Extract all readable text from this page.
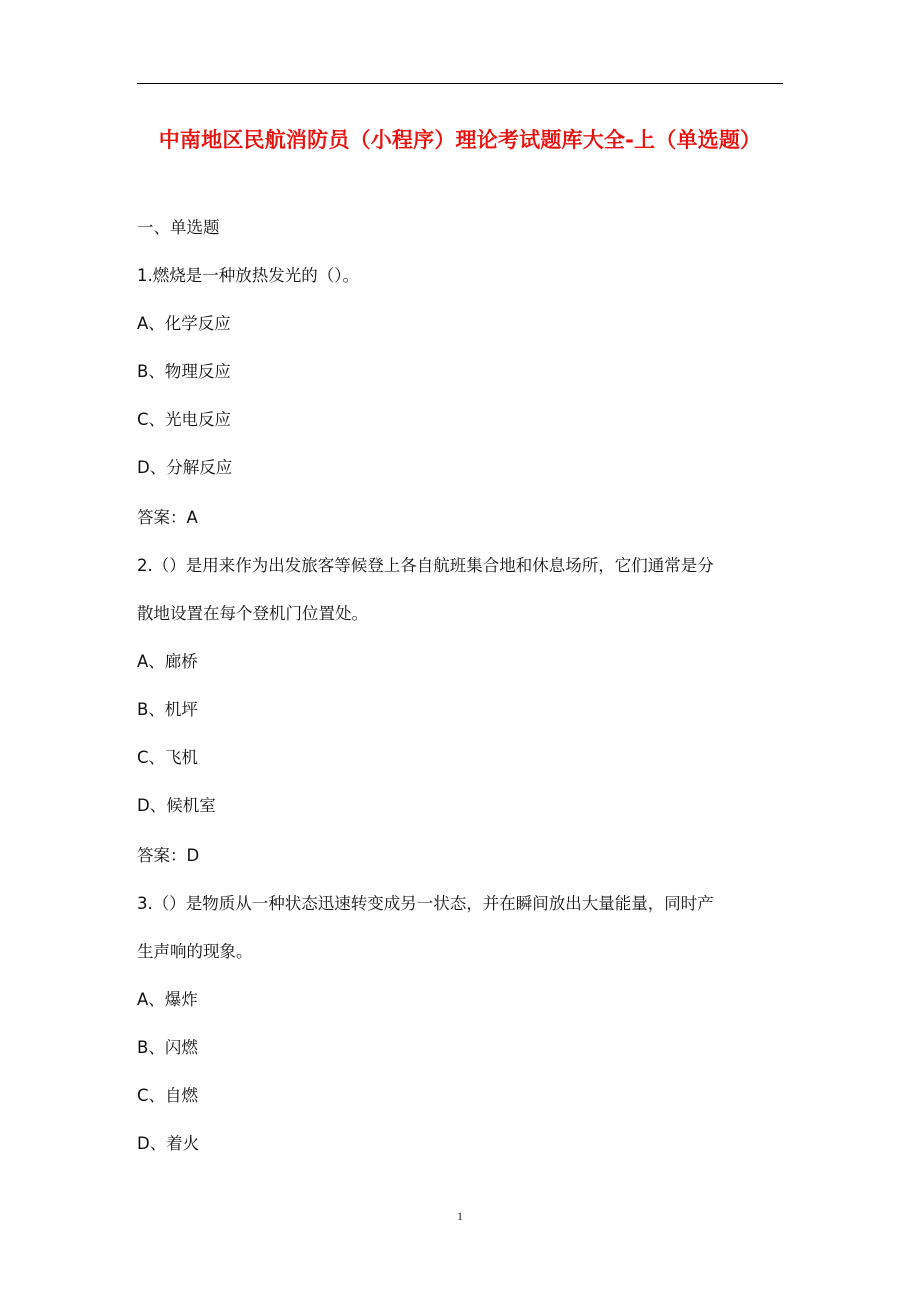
中南地区民航消防员（小程序）理论考试题库大全-上（单选题）
一、单选题
1.燃烧是一种放热发光的（）。
A、化学反应
B、物理反应
C、光电反应
D、分解反应
答案：A
2.（）是用来作为出发旅客等候登上各自航班集合地和休息场所，它们通常是分
散地设置在每个登机门位置处。
A、廊桥
B、机坪
C、飞机
D、候机室
答案：D
3.（）是物质从一种状态迅速转变成另一状态，并在瞬间放出大量能量，同时产
生声响的现象。
A、爆炸
B、闪燃
C、自燃
D、着火
1
